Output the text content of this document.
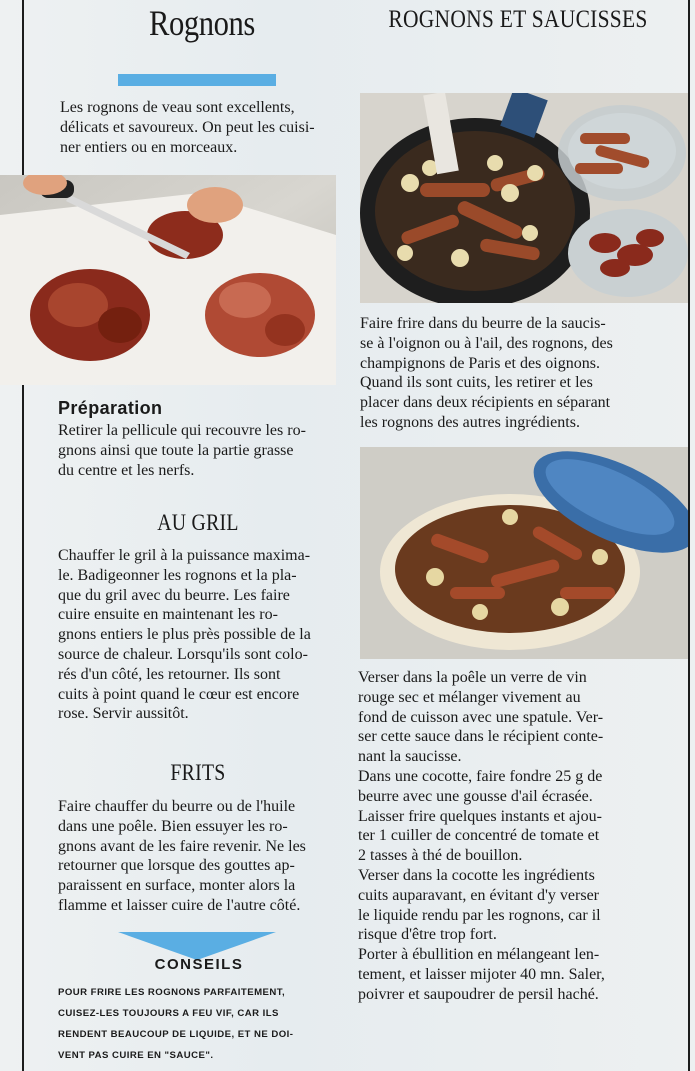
Rognons
Les rognons de veau sont excellents,
délicats et savoureux. On peut les cuisi-
ner entiers ou en morceaux.
Préparation
Retirer la pellicule qui recouvre les ro-
gnons ainsi que toute la partie grasse
du centre et les nerfs.
AU GRIL
Chauffer le gril à la puissance maxima-
le. Badigeonner les rognons et la pla-
que du gril avec du beurre. Les faire
cuire ensuite en maintenant les ro-
gnons entiers le plus près possible de la
source de chaleur. Lorsqu'ils sont colo-
rés d'un côté, les retourner. Ils sont
cuits à point quand le cœur est encore
rose. Servir aussitôt.
FRITS
Faire chauffer du beurre ou de l'huile
dans une poêle. Bien essuyer les ro-
gnons avant de les faire revenir. Ne les
retourner que lorsque des gouttes ap-
paraissent en surface, monter alors la
flamme et laisser cuire de l'autre côté.
CONSEILS
POUR FRIRE LES ROGNONS PARFAITEMENT,
CUISEZ-LES TOUJOURS A FEU VIF, CAR ILS
RENDENT BEAUCOUP DE LIQUIDE, ET NE DOI-
VENT PAS CUIRE EN "SAUCE".
ROGNONS ET SAUCISSES
Faire frire dans du beurre de la saucis-
se à l'oignon ou à l'ail, des rognons, des
champignons de Paris et des oignons.
Quand ils sont cuits, les retirer et les
placer dans deux récipients en séparant
les rognons des autres ingrédients.
Verser dans la poêle un verre de vin
rouge sec et mélanger vivement au
fond de cuisson avec une spatule. Ver-
ser cette sauce dans le récipient conte-
nant la saucisse.
Dans une cocotte, faire fondre 25 g de
beurre avec une gousse d'ail écrasée.
Laisser frire quelques instants et ajou-
ter 1 cuiller de concentré de tomate et
2 tasses à thé de bouillon.
Verser dans la cocotte les ingrédients
cuits auparavant, en évitant d'y verser
le liquide rendu par les rognons, car il
risque d'être trop fort.
Porter à ébullition en mélangeant len-
tement, et laisser mijoter 40 mn. Saler,
poivrer et saupoudrer de persil haché.
